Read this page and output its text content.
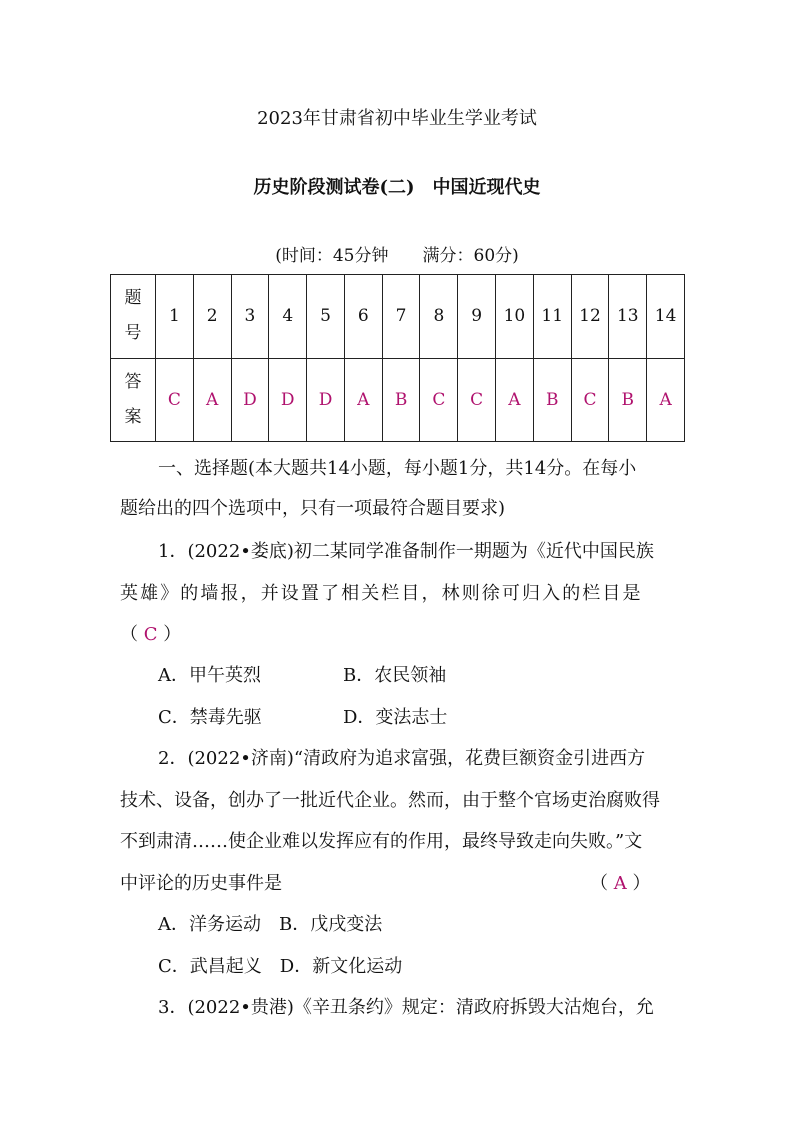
2023年甘肃省初中毕业生学业考试
历史阶段测试卷(二)　中国近现代史
(时间：45分钟　　满分：60分)
题
号	1	2	3	4	5	6	7	8	9	10	11	12	13	14
答
案	C	A	D	D	D	A	B	C	C	A	B	C	B	A
一、选择题(本大题共14小题，每小题1分，共14分。在每小
题给出的四个选项中，只有一项最符合题目要求)
1．(2022•娄底)初二某同学准备制作一期题为《近代中国民族
英雄》的墙报，并设置了相关栏目，林则徐可归入的栏目是
（ C ）
A．甲午英烈	B．农民领袖
C．禁毒先驱	D．变法志士
2．(2022•济南)“清政府为追求富强，花费巨额资金引进西方
技术、设备，创办了一批近代企业。然而，由于整个官场吏治腐败得
不到肃清……使企业难以发挥应有的作用，最终导致走向失败。”文
中评论的历史事件是	（ A ）
A．洋务运动　B．戊戌变法
C．武昌起义　D．新文化运动
3．(2022•贵港)《辛丑条约》规定：清政府拆毁大沽炮台，允
